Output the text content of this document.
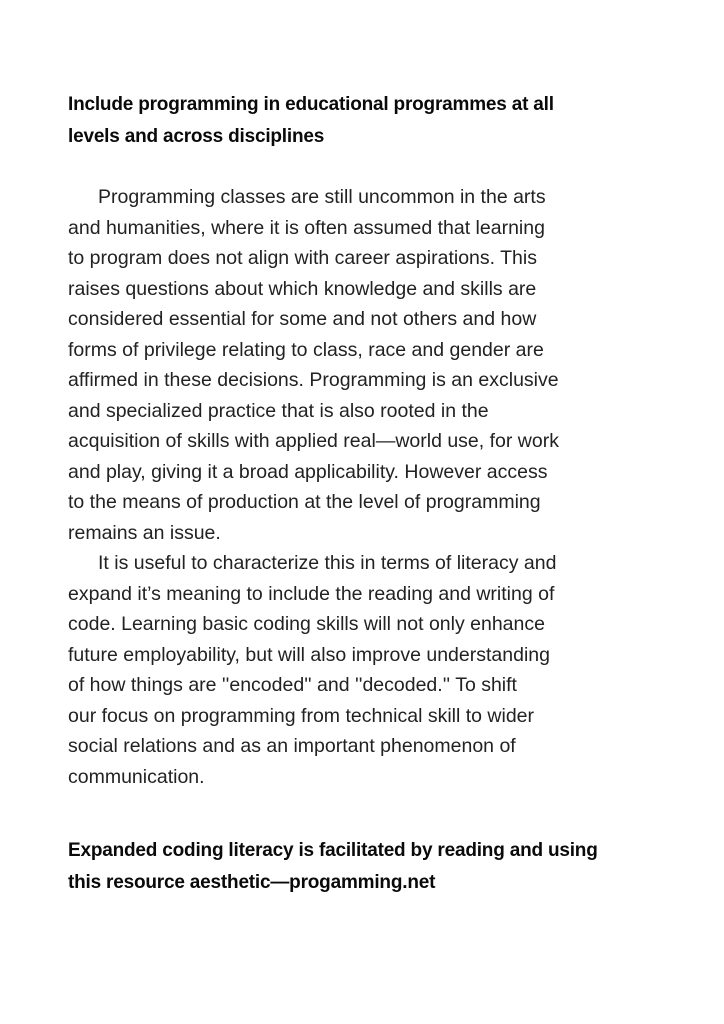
Include programming in educational programmes at all
levels and across disciplines

Programming classes are still uncommon in the arts
and humanities, where it is often assumed that learning
to program does not align with career aspirations. This
raises questions about which knowledge and skills are
considered essential for some and not others and how
forms of privilege relating to class, race and gender are
affirmed in these decisions. Programming is an exclusive
and specialized practice that is also rooted in the
acquisition of skills with applied real—world use, for work
and play, giving it a broad applicability. However access
to the means of production at the level of programming
remains an issue.

It is useful to characterize this in terms of literacy and
expand it’s meaning to include the reading and writing of
code. Learning basic coding skills will not only enhance
future employability, but will also improve understanding
of how things are ''encoded'' and ''decoded.'' To shift
our focus on programming from technical skill to wider
social relations and as an important phenomenon of
communication.

Expanded coding literacy is facilitated by reading and using
this resource aesthetic—progamming.net
